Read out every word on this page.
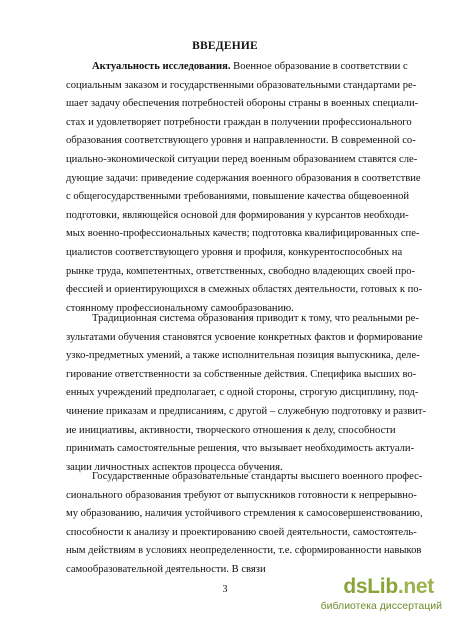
ВВЕДЕНИЕ
Актуальность исследования. Военное образование в соответствии с
социальным заказом и государственными образовательными стандартами ре-
шает задачу обеспечения потребностей обороны страны в военных специали-
стах и удовлетворяет потребности граждан в получении профессионального
образования соответствующего уровня и направленности. В современной со-
циально-экономической ситуации перед военным образованием ставятся сле-
дующие задачи: приведение содержания военного образования в соответствие
с общегосударственными требованиями, повышение качества общевоенной
подготовки, являющейся основой для формирования у курсантов необходи-
мых военно-профессиональных качеств; подготовка квалифицированных спе-
циалистов соответствующего уровня и профиля, конкурентоспособных на
рынке труда, компетентных, ответственных, свободно владеющих своей про-
фессией и ориентирующихся в смежных областях деятельности, готовых к по-
стоянному профессиональному самообразованию.
Традиционная система образования приводит к тому, что реальными ре-
зультатами обучения становятся усвоение конкретных фактов и формирование
узко-предметных умений, а также исполнительная позиция выпускника, деле-
гирование ответственности за собственные действия. Специфика высших во-
енных учреждений предполагает, с одной стороны, строгую дисциплину, под-
чинение приказам и предписаниям, с другой – служебную подготовку и развит-
ие инициативы, активности, творческого отношения к делу, способности
принимать самостоятельные решения, что вызывает необходимость актуали-
зации личностных аспектов процесса обучения.
Государственные образовательные стандарты высшего военного профес-
сионального образования требуют от выпускников готовности к непрерывно-
му образованию, наличия устойчивого стремления к самосовершенствованию,
способности к анализу и проектированию своей деятельности, самостоятель-
ным действиям в условиях неопределенности, т.е. сформированности навыков
самообразовательной деятельности. В связи
3	dsLib.net
библиотека диссертаций
